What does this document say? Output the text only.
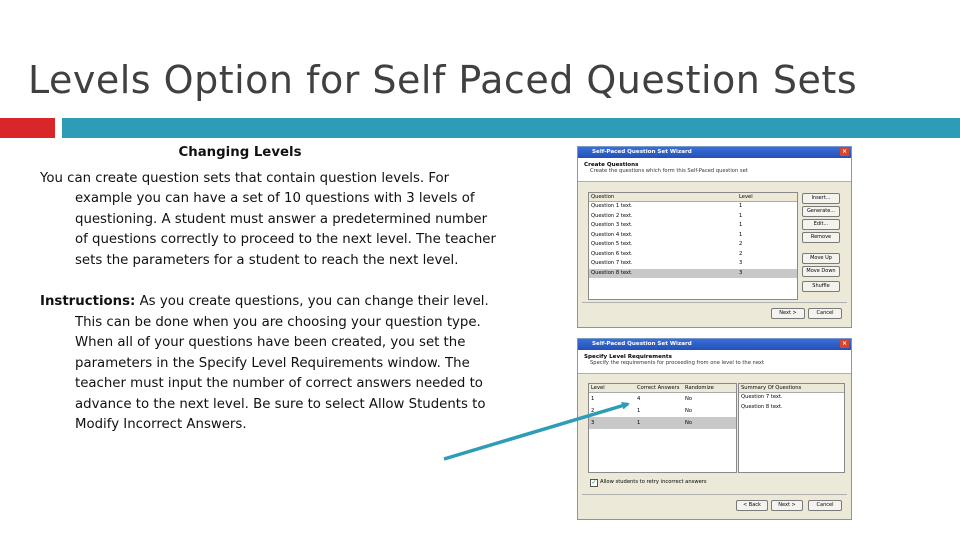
Levels Option for Self Paced Question Sets
Changing Levels
You can create question sets that contain question levels. For example you can have a set of 10 questions with 3 levels of questioning. A student must answer a predetermined number of questions correctly to proceed to the next level. The teacher sets the parameters for a student to reach the next level.
Instructions: As you create questions, you can change their level. This can be done when you are choosing your question type. When all of your questions have been created, you set the parameters in the Specify Level Requirements window. The teacher must input the number of correct answers needed to advance to the next level. Be sure to select Allow Students to Modify Incorrect Answers.
Self-Paced Question Set Wizard	×
Create Questions
Create the questions which form this Self-Paced question set
Question	Level
Question 1 text.	1
Question 2 text.	1
Question 3 text.	1
Question 4 text.	1
Question 5 text.	2
Question 6 text.	2
Question 7 text.	3
Question 8 text.	3
Insert...
Generate...
Edit...
Remove
Move Up
Move Down
Shuffle
Next >	Cancel
Self-Paced Question Set Wizard	×
Specify Level Requirements
Specify the requirements for proceeding from one level to the next
Level	Correct Answers	Randomize
1	4	No
2	1	No
3	1	No
Summary Of Questions
Question 7 text.
Question 8 text.
✓ Allow students to retry incorrect answers
< Back	Next >	Cancel
